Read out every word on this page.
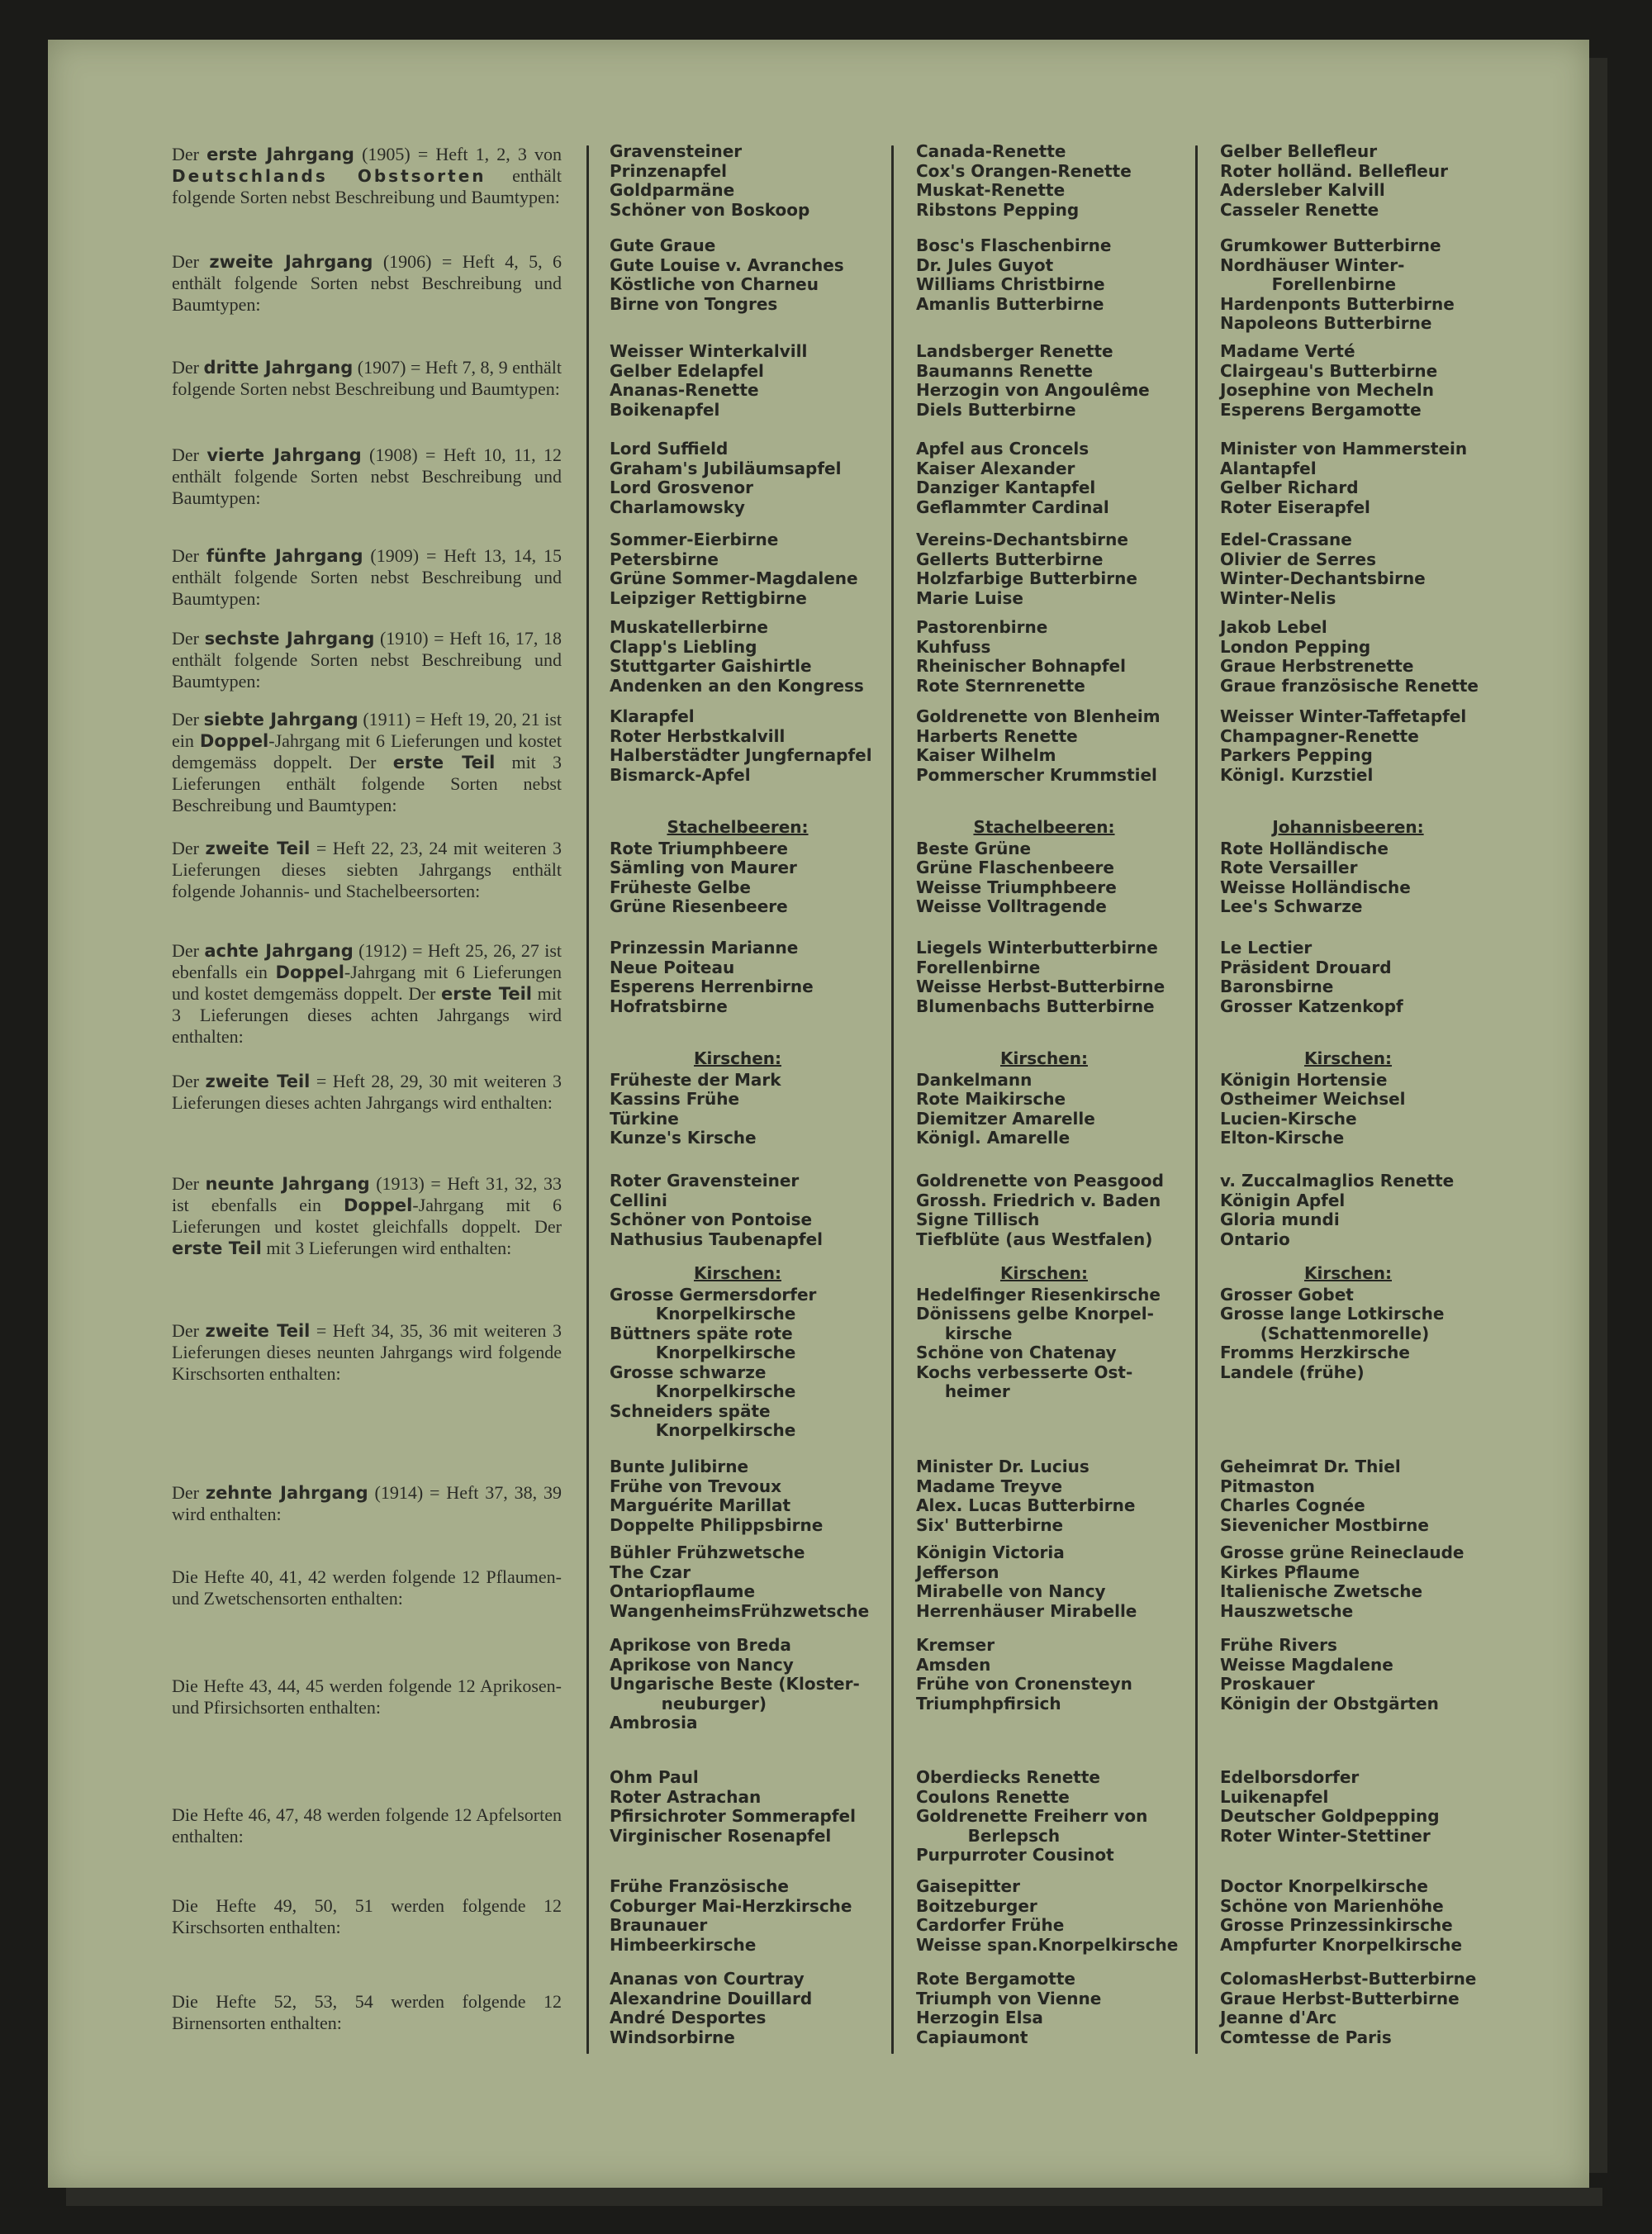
Der erste Jahrgang (1905) = Heft 1, 2, 3 von Deutschlands Obstsorten enthält folgende Sorten nebst Beschreibung und Baumtypen:
Gravensteiner
Prinzenapfel
Goldparmäne
Schöner von Boskoop
Canada-Renette
Cox's Orangen-Renette
Muskat-Renette
Ribstons Pepping
Gelber Bellefleur
Roter holländ. Bellefleur
Adersleber Kalvill
Casseler Renette
Der zweite Jahrgang (1906) = Heft 4, 5, 6 enthält folgende Sorten nebst Beschreibung und Baumtypen:
Gute Graue
Gute Louise v. Avranches
Köstliche von Charneu
Birne von Tongres
Bosc's Flaschenbirne
Dr. Jules Guyot
Williams Christbirne
Amanlis Butterbirne
Grumkower Butterbirne
Nordhäuser Winter-
Forellenbirne
Hardenponts Butterbirne
Napoleons Butterbirne
Der dritte Jahrgang (1907) = Heft 7, 8, 9 enthält folgende Sorten nebst Beschreibung und Baumtypen:
Weisser Winterkalvill
Gelber Edelapfel
Ananas-Renette
Boikenapfel
Landsberger Renette
Baumanns Renette
Herzogin von Angoulême
Diels Butterbirne
Madame Verté
Clairgeau's Butterbirne
Josephine von Mecheln
Esperens Bergamotte
Der vierte Jahrgang (1908) = Heft 10, 11, 12 enthält folgende Sorten nebst Beschreibung und Baumtypen:
Lord Suffield
Graham's Jubiläumsapfel
Lord Grosvenor
Charlamowsky
Apfel aus Croncels
Kaiser Alexander
Danziger Kantapfel
Geflammter Cardinal
Minister von Hammerstein
Alantapfel
Gelber Richard
Roter Eiserapfel
Der fünfte Jahrgang (1909) = Heft 13, 14, 15 enthält folgende Sorten nebst Beschreibung und Baumtypen:
Sommer-Eierbirne
Petersbirne
Grüne Sommer-Magdalene
Leipziger Rettigbirne
Vereins-Dechantsbirne
Gellerts Butterbirne
Holzfarbige Butterbirne
Marie Luise
Edel-Crassane
Olivier de Serres
Winter-Dechantsbirne
Winter-Nelis
Der sechste Jahrgang (1910) = Heft 16, 17, 18 enthält folgende Sorten nebst Beschreibung und Baumtypen:
Muskatellerbirne
Clapp's Liebling
Stuttgarter Gaishirtle
Andenken an den Kongress
Pastorenbirne
Kuhfuss
Rheinischer Bohnapfel
Rote Sternrenette
Jakob Lebel
London Pepping
Graue Herbstrenette
Graue französische Renette
Der siebte Jahrgang (1911) = Heft 19, 20, 21 ist ein Doppel-Jahrgang mit 6 Lieferungen und kostet demgemäss doppelt. Der erste Teil mit 3 Lieferungen enthält folgende Sorten nebst Beschreibung und Baumtypen:
Klarapfel
Roter Herbstkalvill
Halberstädter Jungfernapfel
Bismarck-Apfel
Goldrenette von Blenheim
Harberts Renette
Kaiser Wilhelm
Pommerscher Krummstiel
Weisser Winter-Taffetapfel
Champagner-Renette
Parkers Pepping
Königl. Kurzstiel
Der zweite Teil = Heft 22, 23, 24 mit weiteren 3 Lieferungen dieses siebten Jahrgangs enthält folgende Johannis- und Stachelbeersorten:
Stachelbeeren:
Rote Triumphbeere
Sämling von Maurer
Früheste Gelbe
Grüne Riesenbeere
Stachelbeeren:
Beste Grüne
Grüne Flaschenbeere
Weisse Triumphbeere
Weisse Volltragende
Johannisbeeren:
Rote Holländische
Rote Versailler
Weisse Holländische
Lee's Schwarze
Der achte Jahrgang (1912) = Heft 25, 26, 27 ist ebenfalls ein Doppel-Jahrgang mit 6 Lieferungen und kostet demgemäss doppelt. Der erste Teil mit 3 Lieferungen dieses achten Jahrgangs wird enthalten:
Prinzessin Marianne
Neue Poiteau
Esperens Herrenbirne
Hofratsbirne
Liegels Winterbutterbirne
Forellenbirne
Weisse Herbst-Butterbirne
Blumenbachs Butterbirne
Le Lectier
Präsident Drouard
Baronsbirne
Grosser Katzenkopf
Der zweite Teil = Heft 28, 29, 30 mit weiteren 3 Lieferungen dieses achten Jahrgangs wird enthalten:
Kirschen:
Früheste der Mark
Kassins Frühe
Türkine
Kunze's Kirsche
Kirschen:
Dankelmann
Rote Maikirsche
Diemitzer Amarelle
Königl. Amarelle
Kirschen:
Königin Hortensie
Ostheimer Weichsel
Lucien-Kirsche
Elton-Kirsche
Der neunte Jahrgang (1913) = Heft 31, 32, 33 ist ebenfalls ein Doppel-Jahrgang mit 6 Lieferungen und kostet gleichfalls doppelt. Der erste Teil mit 3 Lieferungen wird enthalten:
Roter Gravensteiner
Cellini
Schöner von Pontoise
Nathusius Taubenapfel
Goldrenette von Peasgood
Grossh. Friedrich v. Baden
Signe Tillisch
Tiefblüte (aus Westfalen)
v. Zuccalmaglios Renette
Königin Apfel
Gloria mundi
Ontario
Der zweite Teil = Heft 34, 35, 36 mit weiteren 3 Lieferungen dieses neunten Jahrgangs wird folgende Kirschsorten enthalten:
Kirschen:
Grosse Germersdorfer
Knorpelkirsche
Büttners späte rote
Knorpelkirsche
Grosse schwarze
Knorpelkirsche
Schneiders späte
Knorpelkirsche
Kirschen:
Hedelfinger Riesenkirsche
Dönissens gelbe Knorpel-
kirsche
Schöne von Chatenay
Kochs verbesserte Ost-
heimer
Kirschen:
Grosser Gobet
Grosse lange Lotkirsche
(Schattenmorelle)
Fromms Herzkirsche
Landele (frühe)
Der zehnte Jahrgang (1914) = Heft 37, 38, 39 wird enthalten:
Bunte Julibirne
Frühe von Trevoux
Marguérite Marillat
Doppelte Philippsbirne
Minister Dr. Lucius
Madame Treyve
Alex. Lucas Butterbirne
Six' Butterbirne
Geheimrat Dr. Thiel
Pitmaston
Charles Cognée
Sievenicher Mostbirne
Die Hefte 40, 41, 42 werden folgende 12 Pflaumen- und Zwetschensorten enthalten:
Bühler Frühzwetsche
The Czar
Ontariopflaume
WangenheimsFrühzwetsche
Königin Victoria
Jefferson
Mirabelle von Nancy
Herrenhäuser Mirabelle
Grosse grüne Reineclaude
Kirkes Pflaume
Italienische Zwetsche
Hauszwetsche
Die Hefte 43, 44, 45 werden folgende 12 Aprikosen- und Pfirsichsorten enthalten:
Aprikose von Breda
Aprikose von Nancy
Ungarische Beste (Kloster-
neuburger)
Ambrosia
Kremser
Amsden
Frühe von Cronensteyn
Triumphpfirsich
Frühe Rivers
Weisse Magdalene
Proskauer
Königin der Obstgärten
Die Hefte 46, 47, 48 werden folgende 12 Apfelsorten enthalten:
Ohm Paul
Roter Astrachan
Pfirsichroter Sommerapfel
Virginischer Rosenapfel
Oberdiecks Renette
Coulons Renette
Goldrenette Freiherr von
Berlepsch
Purpurroter Cousinot
Edelborsdorfer
Luikenapfel
Deutscher Goldpepping
Roter Winter-Stettiner
Die Hefte 49, 50, 51 werden folgende 12 Kirschsorten enthalten:
Frühe Französische
Coburger Mai-Herzkirsche
Braunauer
Himbeerkirsche
Gaisepitter
Boitzeburger
Cardorfer Frühe
Weisse span.Knorpelkirsche
Doctor Knorpelkirsche
Schöne von Marienhöhe
Grosse Prinzessinkirsche
Ampfurter Knorpelkirsche
Die Hefte 52, 53, 54 werden folgende 12 Birnensorten enthalten:
Ananas von Courtray
Alexandrine Douillard
André Desportes
Windsorbirne
Rote Bergamotte
Triumph von Vienne
Herzogin Elsa
Capiaumont
ColomasHerbst-Butterbirne
Graue Herbst-Butterbirne
Jeanne d'Arc
Comtesse de Paris
